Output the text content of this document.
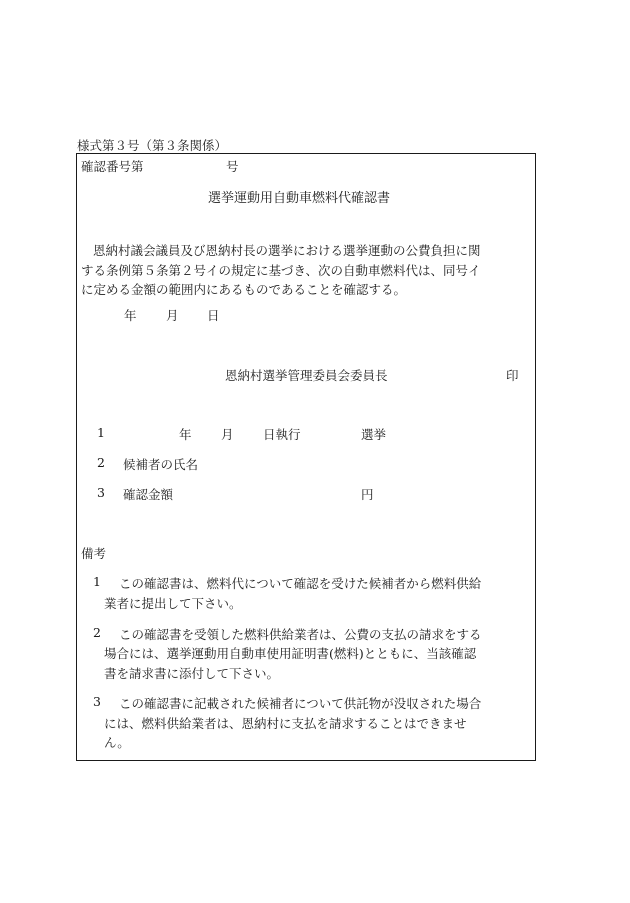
様式第３号（第３条関係）
確認番号第	号
選挙運動用自動車燃料代確認書
恩納村議会議員及び恩納村長の選挙における選挙運動の公費負担に関
する条例第５条第２号イの規定に基づき、次の自動車燃料代は、同号イ
に定める金額の範囲内にあるものであることを確認する。
年 月 日
恩納村選挙管理委員会委員長	印
1	年 月 日執行	選挙
2 候補者の氏名
3 確認金額	円
備考
1 この確認書は、燃料代について確認を受けた候補者から燃料供給
業者に提出して下さい。
2 この確認書を受領した燃料供給業者は、公費の支払の請求をする
場合には、選挙運動用自動車使用証明書(燃料)とともに、当該確認
書を請求書に添付して下さい。
3 この確認書に記載された候補者について供託物が没収された場合
には、燃料供給業者は、恩納村に支払を請求することはできませ
ん。
